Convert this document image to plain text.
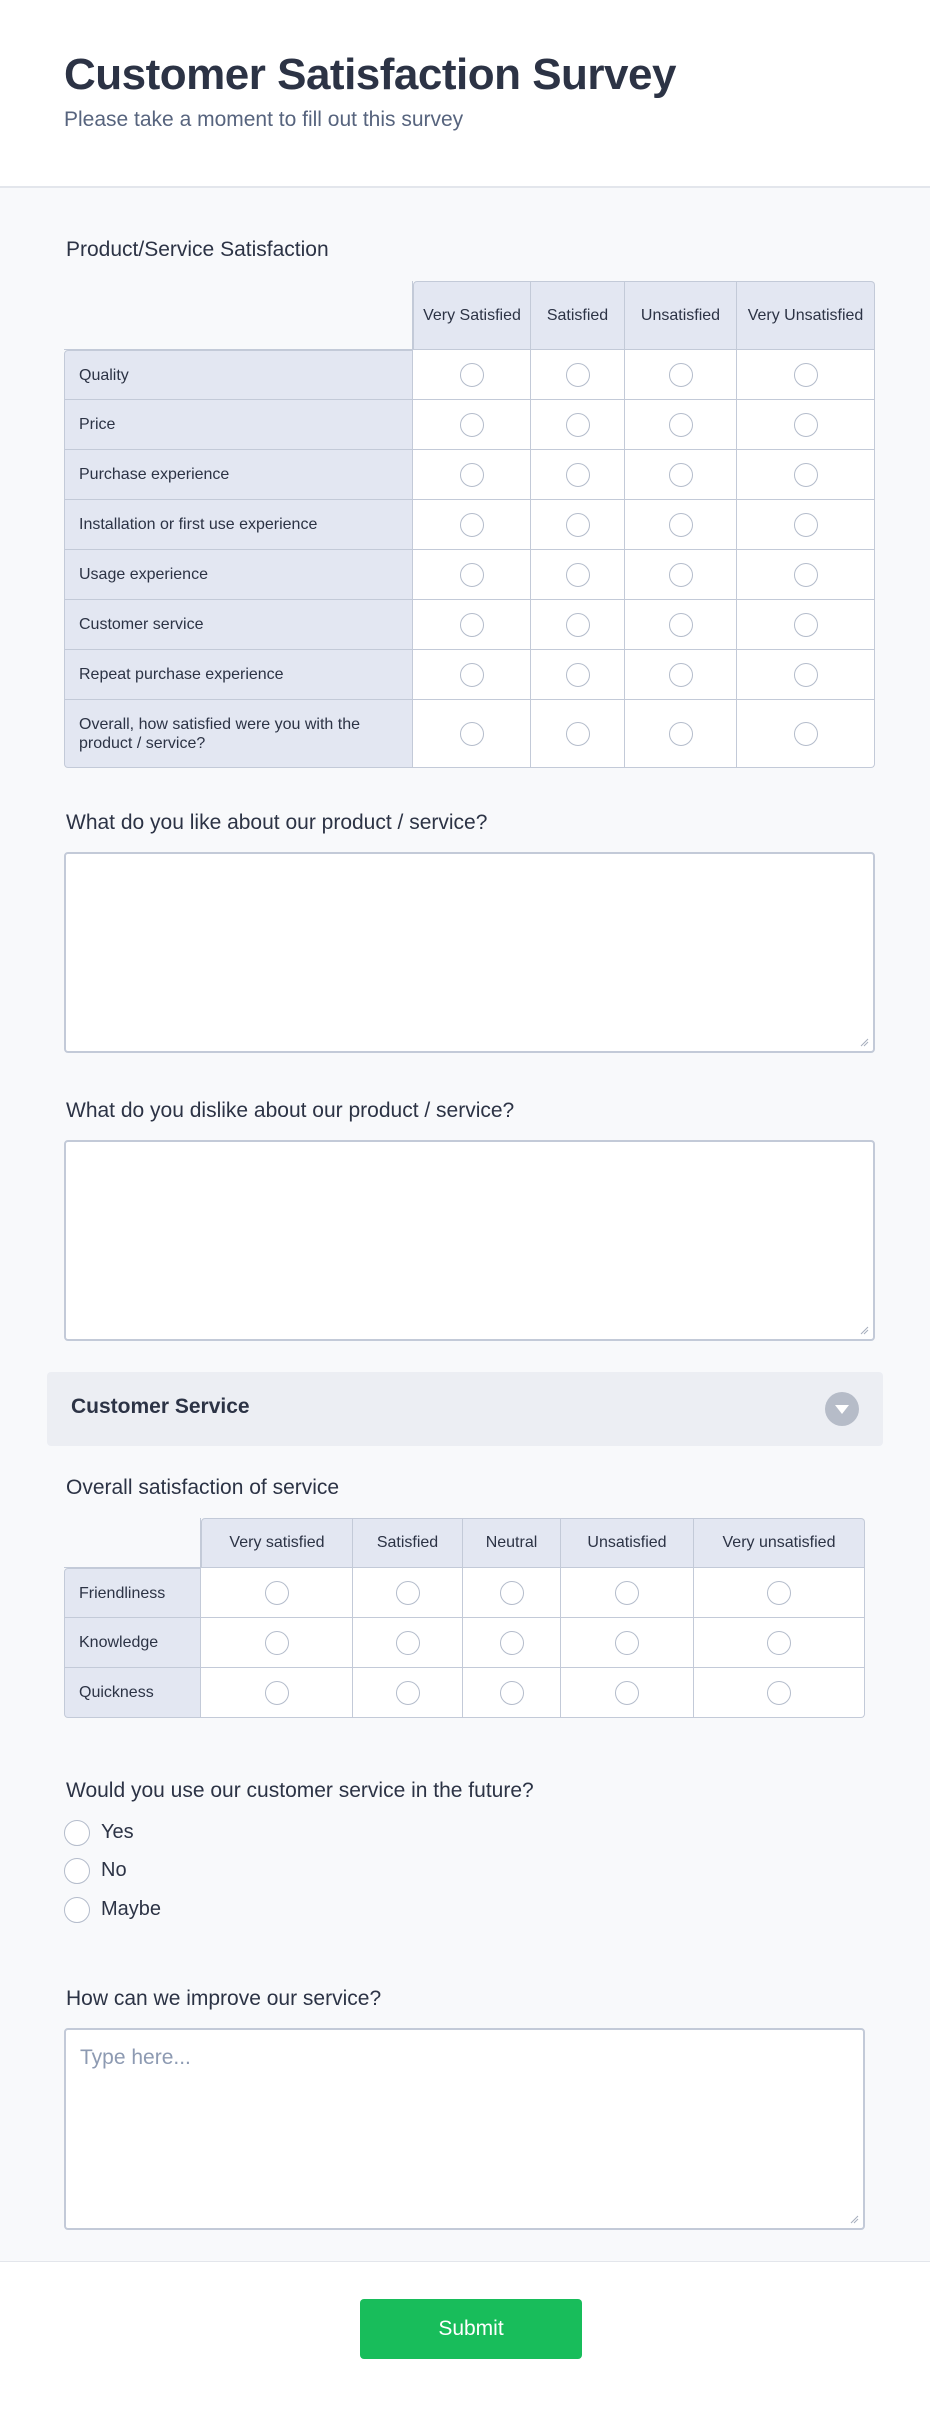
Customer Satisfaction Survey
Please take a moment to fill out this survey
Product/Service Satisfaction
	Very Satisfied	Satisfied	Unsatisfied	Very Unsatisfied
Quality				
Price				
Purchase experience				
Installation or first use experience				
Usage experience				
Customer service				
Repeat purchase experience				
Overall, how satisfied were you with the product / service?				
What do you like about our product / service?
What do you dislike about our product / service?
Customer Service
Overall satisfaction of service
	Very satisfied	Satisfied	Neutral	Unsatisfied	Very unsatisfied
Friendliness					
Knowledge					
Quickness					
Would you use our customer service in the future?
Yes
No
Maybe
How can we improve our service?
Type here...
Submit
